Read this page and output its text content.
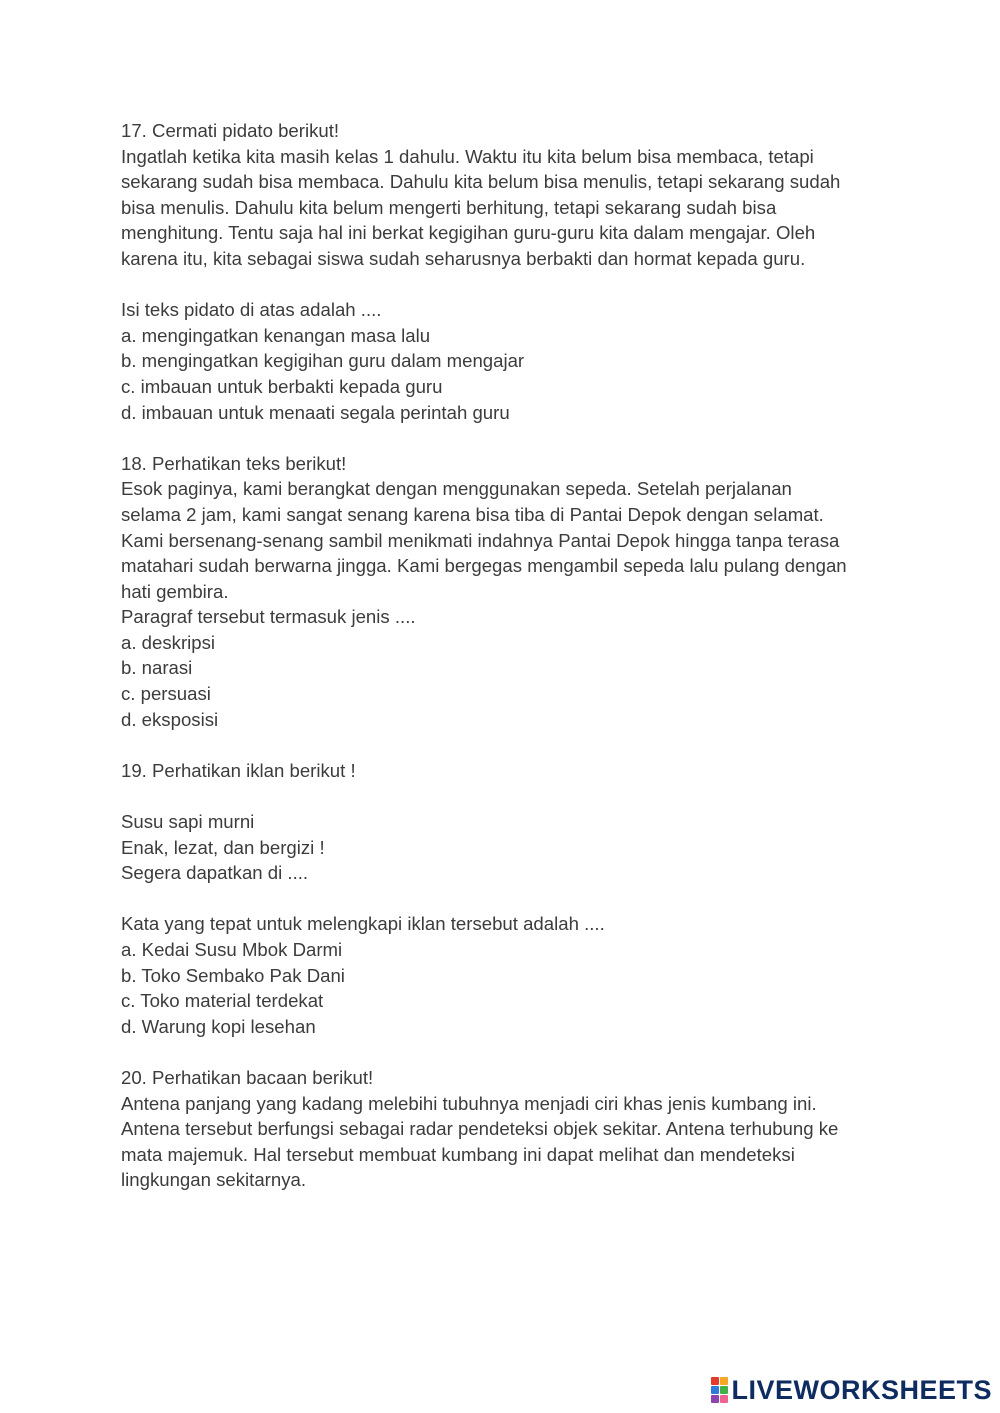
17. Cermati pidato berikut!
Ingatlah ketika kita masih kelas 1 dahulu. Waktu itu kita belum bisa membaca, tetapi
sekarang sudah bisa membaca. Dahulu kita belum bisa menulis, tetapi sekarang sudah
bisa menulis. Dahulu kita belum mengerti berhitung, tetapi sekarang sudah bisa
menghitung. Tentu saja hal ini berkat kegigihan guru-guru kita dalam mengajar. Oleh
karena itu, kita sebagai siswa sudah seharusnya berbakti dan hormat kepada guru.
Isi teks pidato di atas adalah ....
a. mengingatkan kenangan masa lalu
b. mengingatkan kegigihan guru dalam mengajar
c. imbauan untuk berbakti kepada guru
d. imbauan untuk menaati segala perintah guru
18. Perhatikan teks berikut!
Esok paginya, kami berangkat dengan menggunakan sepeda. Setelah perjalanan
selama 2 jam, kami sangat senang karena bisa tiba di Pantai Depok dengan selamat.
Kami bersenang-senang sambil menikmati indahnya Pantai Depok hingga tanpa terasa
matahari sudah berwarna jingga. Kami bergegas mengambil sepeda lalu pulang dengan
hati gembira.
Paragraf tersebut termasuk jenis ....
a. deskripsi
b. narasi
c. persuasi
d. eksposisi
19. Perhatikan iklan berikut !
Susu sapi murni
Enak, lezat, dan bergizi !
Segera dapatkan di ....
Kata yang tepat untuk melengkapi iklan tersebut adalah ....
a. Kedai Susu Mbok Darmi
b. Toko Sembako Pak Dani
c. Toko material terdekat
d. Warung kopi lesehan
20. Perhatikan bacaan berikut!
Antena panjang yang kadang melebihi tubuhnya menjadi ciri khas jenis kumbang ini.
Antena tersebut berfungsi sebagai radar pendeteksi objek sekitar. Antena terhubung ke
mata majemuk. Hal tersebut membuat kumbang ini dapat melihat dan mendeteksi
lingkungan sekitarnya.
LIVEWORKSHEETS
